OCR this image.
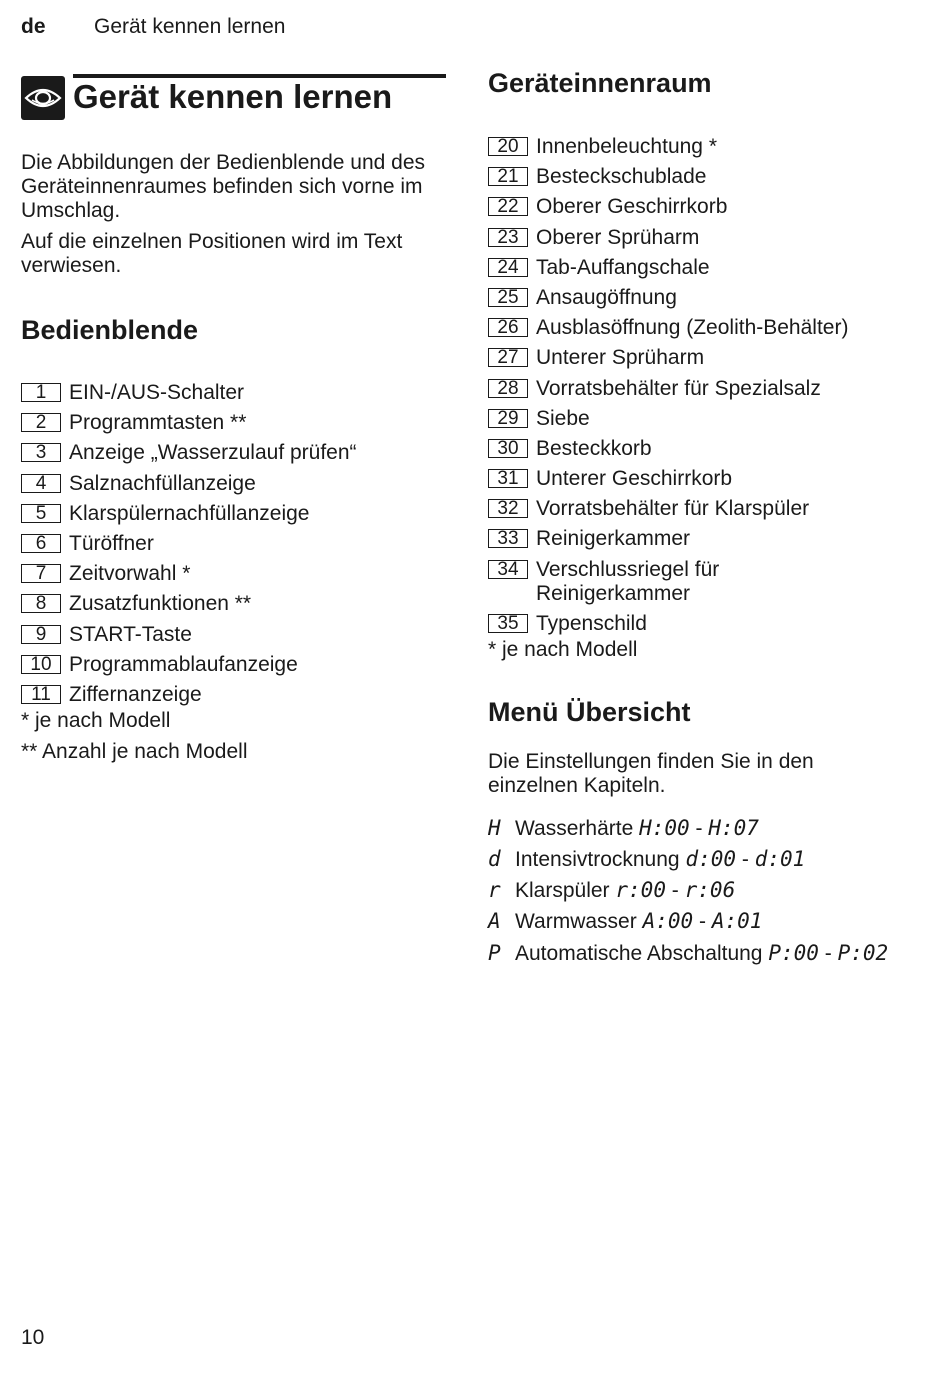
de Gerät kennen lernen
Gerät kennen lernen

Die Abbildungen der Bedienblende und des Geräteinnenraumes befinden sich vorne im Umschlag.

Auf die einzelnen Positionen wird im Text verwiesen.

Bedienblende
1	EIN-/AUS-Schalter
2	Programmtasten **
3	Anzeige „Wasserzulauf prüfen“
4	Salznachfüllanzeige
5	Klarspülernachfüllanzeige
6	Türöffner
7	Zeitvorwahl *
8	Zusatzfunktionen **
9	START-Taste
10 Programmablaufanzeige
11 Ziffernanzeige
* je nach Modell
** Anzahl je nach Modell
Geräteinnenraum
20 Innenbeleuchtung *
21 Besteckschublade
22 Oberer Geschirrkorb
23 Oberer Sprüharm
24 Tab-Auffangschale
25 Ansaugöffnung
26 Ausblasöffnung (Zeolith-Behälter)
27 Unterer Sprüharm
28 Vorratsbehälter für Spezialsalz
29 Siebe
30 Besteckkorb
31 Unterer Geschirrkorb
32 Vorratsbehälter für Klarspüler
33 Reinigerkammer
34 Verschlussriegel für Reinigerkammer
35 Typenschild
* je nach Modell
Menü Übersicht

Die Einstellungen finden Sie in den einzelnen Kapiteln.

H Wasserhärte H:00 - H:07
d Intensivtrocknung d:00 - d:01
r Klarspüler r:00 - r:06
A Warmwasser A:00 - A:01
P Automatische Abschaltung P:00 - P:02
10
